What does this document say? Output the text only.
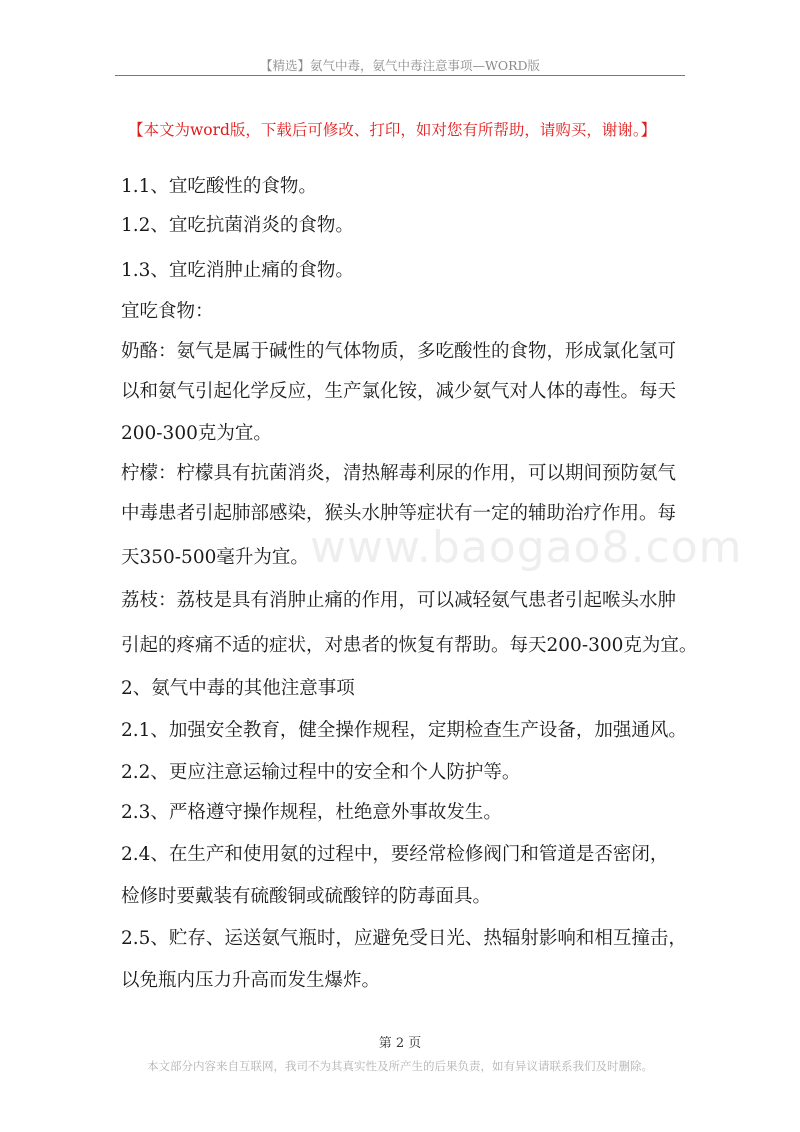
【精选】氨气中毒，氨气中毒注意事项—WORD版
【本文为word版，下载后可修改、打印，如对您有所帮助，请购买，谢谢。】
www.baogao8.com
1.1、宜吃酸性的食物。
1.2、宜吃抗菌消炎的食物。
1.3、宜吃消肿止痛的食物。
宜吃食物：
奶酪：氨气是属于碱性的气体物质，多吃酸性的食物，形成氯化氢可
以和氨气引起化学反应，生产氯化铵，减少氨气对人体的毒性。每天
200-300克为宜。
柠檬：柠檬具有抗菌消炎，清热解毒利尿的作用，可以期间预防氨气
中毒患者引起肺部感染，猴头水肿等症状有一定的辅助治疗作用。每
天350-500毫升为宜。
荔枝：荔枝是具有消肿止痛的作用，可以减轻氨气患者引起喉头水肿
引起的疼痛不适的症状，对患者的恢复有帮助。每天200-300克为宜。
2、氨气中毒的其他注意事项
2.1、加强安全教育，健全操作规程，定期检查生产设备，加强通风。
2.2、更应注意运输过程中的安全和个人防护等。
2.3、严格遵守操作规程，杜绝意外事故发生。
2.4、在生产和使用氨的过程中，要经常检修阀门和管道是否密闭，
检修时要戴装有硫酸铜或硫酸锌的防毒面具。
2.5、贮存、运送氨气瓶时，应避免受日光、热辐射影响和相互撞击，
以免瓶内压力升高而发生爆炸。
第 2 页
本文部分内容来自互联网，我司不为其真实性及所产生的后果负责，如有异议请联系我们及时删除。
